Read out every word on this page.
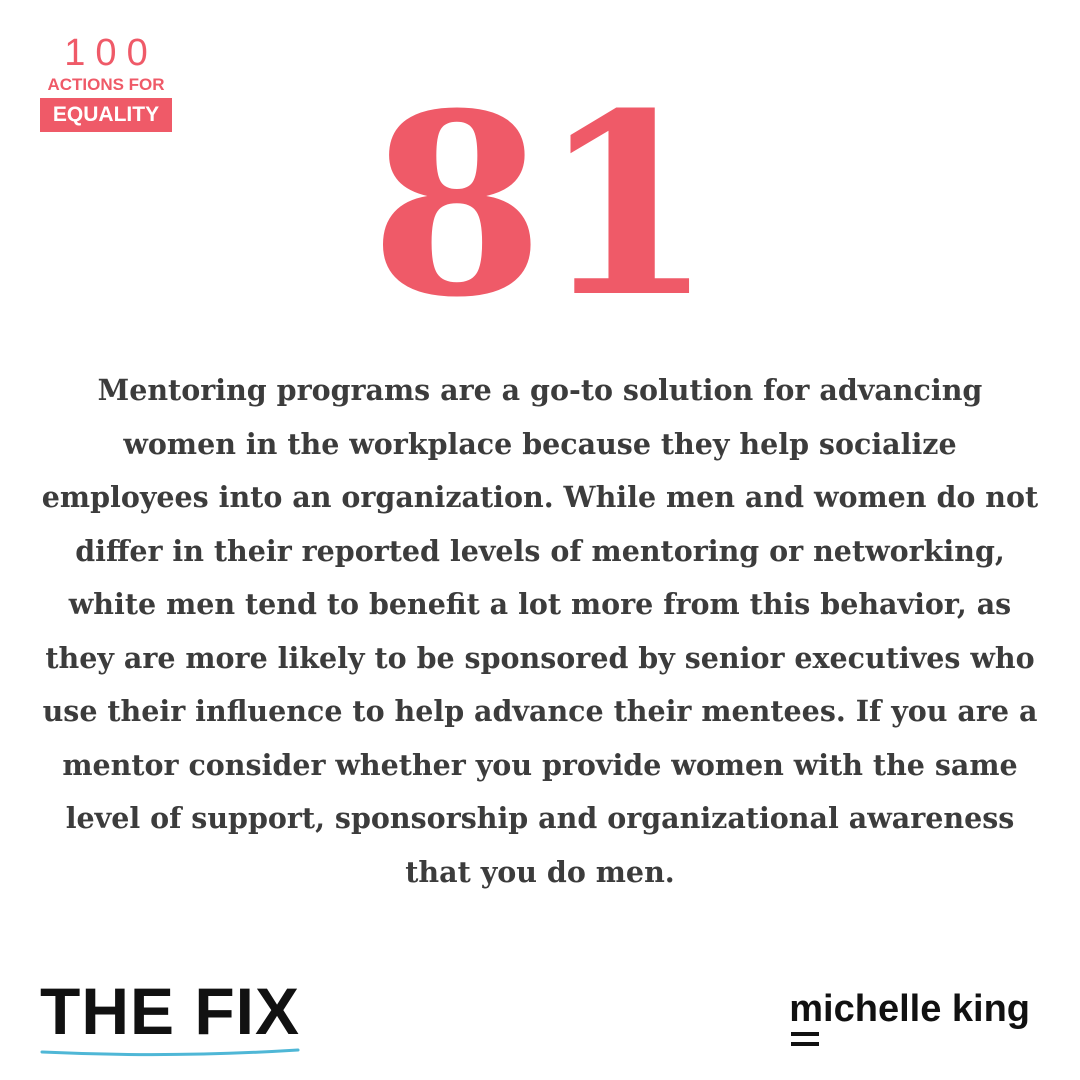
100
ACTIONS FOR
EQUALITY 81
Mentoring programs are a go-to solution for advancing women in the workplace because they help socialize employees into an organization. While men and women do not differ in their reported levels of mentoring or networking, white men tend to benefit a lot more from this behavior, as they are more likely to be sponsored by senior executives who use their influence to help advance their mentees. If you are a mentor consider whether you provide women with the same level of support, sponsorship and organizational awareness that you do men.
THE FIX	michelle king
